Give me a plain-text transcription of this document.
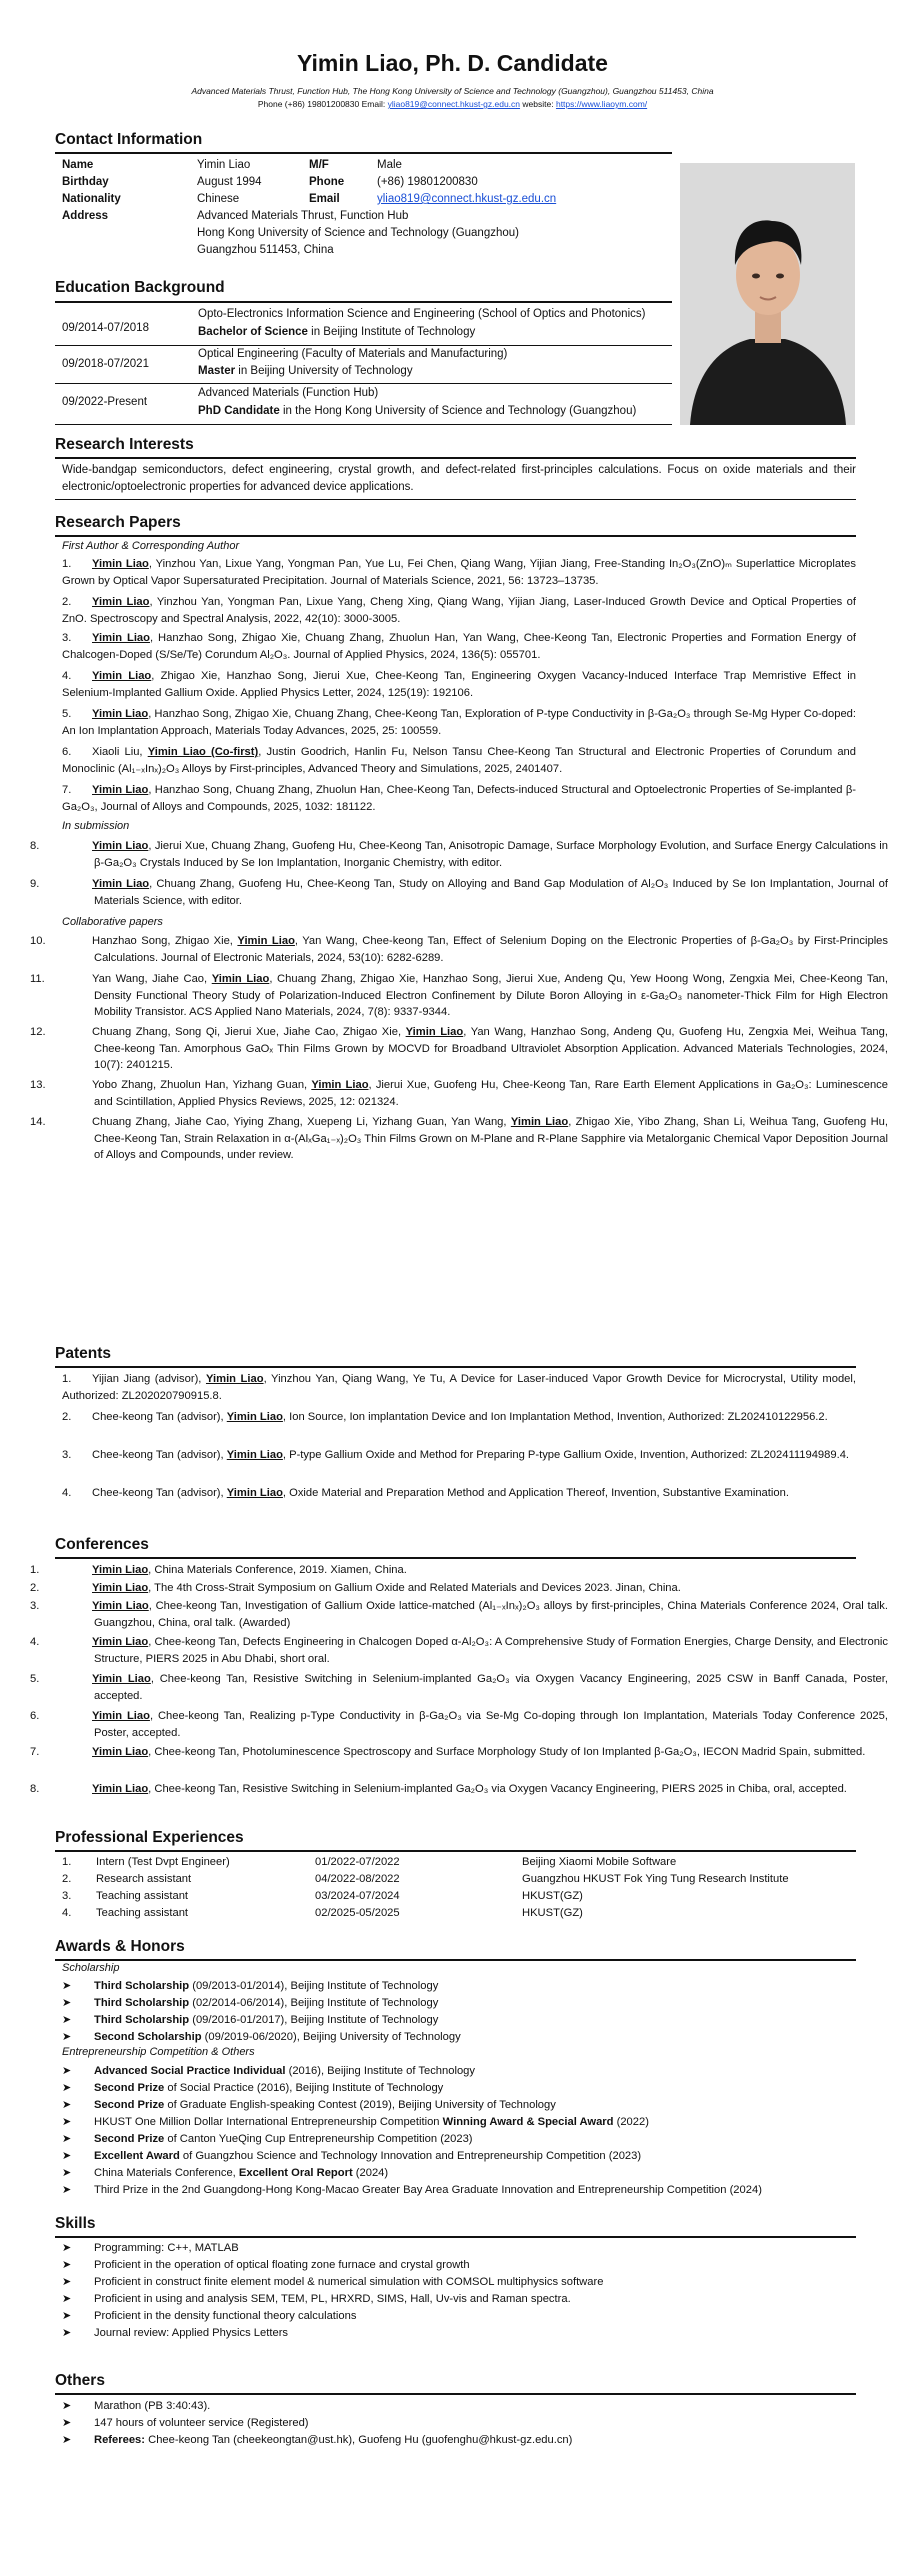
Yimin Liao, Ph. D. Candidate
Advanced Materials Thrust, Function Hub, The Hong Kong University of Science and Technology (Guangzhou), Guangzhou 511453, China
Phone (+86) 19801200830 Email: yliao819@connect.hkust-gz.edu.cn website: https://www.liaoym.com/
Contact Information
Name	Yimin Liao	M/F	Male
Birthday	August 1994	Phone	(+86) 19801200830
Nationality	Chinese	Email	yliao819@connect.hkust-gz.edu.cn
Address	Advanced Materials Thrust, Function Hub
Hong Kong University of Science and Technology (Guangzhou)
Guangzhou 511453, China
Education Background
09/2014-07/2018
Opto-Electronics Information Science and Engineering (School of Optics and Photonics)
Bachelor of Science in Beijing Institute of Technology
09/2018-07/2021
Optical Engineering (Faculty of Materials and Manufacturing)
Master in Beijing University of Technology
09/2022-Present
Advanced Materials (Function Hub)
PhD Candidate in the Hong Kong University of Science and Technology (Guangzhou)
Research Interests
Wide-bandgap semiconductors, defect engineering, crystal growth, and defect-related first-principles calculations. Focus on oxide materials and their electronic/optoelectronic properties for advanced device applications.
Research Papers
First Author & Corresponding Author
1. Yimin Liao, Yinzhou Yan, Lixue Yang, Yongman Pan, Yue Lu, Fei Chen, Qiang Wang, Yijian Jiang, Free-Standing In₂O₃(ZnO)ₘ Superlattice Microplates Grown by Optical Vapor Supersaturated Precipitation. Journal of Materials Science, 2021, 56: 13723–13735.
2. Yimin Liao, Yinzhou Yan, Yongman Pan, Lixue Yang, Cheng Xing, Qiang Wang, Yijian Jiang, Laser-Induced Growth Device and Optical Properties of ZnO. Spectroscopy and Spectral Analysis, 2022, 42(10): 3000-3005.
3. Yimin Liao, Hanzhao Song, Zhigao Xie, Chuang Zhang, Zhuolun Han, Yan Wang, Chee-Keong Tan, Electronic Properties and Formation Energy of Chalcogen-Doped (S/Se/Te) Corundum Al₂O₃. Journal of Applied Physics, 2024, 136(5): 055701.
4. Yimin Liao, Zhigao Xie, Hanzhao Song, Jierui Xue, Chee-Keong Tan, Engineering Oxygen Vacancy-Induced Interface Trap Memristive Effect in Selenium-Implanted Gallium Oxide. Applied Physics Letter, 2024, 125(19): 192106.
5. Yimin Liao, Hanzhao Song, Zhigao Xie, Chuang Zhang, Chee-Keong Tan, Exploration of P-type Conductivity in β-Ga₂O₃ through Se-Mg Hyper Co-doped: An Ion Implantation Approach, Materials Today Advances, 2025, 25: 100559.
6. Xiaoli Liu, Yimin Liao (Co-first), Justin Goodrich, Hanlin Fu, Nelson Tansu Chee-Keong Tan Structural and Electronic Properties of Corundum and Monoclinic (Al₁₋ₓInₓ)₂O₃ Alloys by First-principles, Advanced Theory and Simulations, 2025, 2401407.
7. Yimin Liao, Hanzhao Song, Chuang Zhang, Zhuolun Han, Chee-Keong Tan, Defects-induced Structural and Optoelectronic Properties of Se-implanted β-Ga₂O₃, Journal of Alloys and Compounds, 2025, 1032: 181122.
In submission
8.	Yimin Liao, Jierui Xue, Chuang Zhang, Guofeng Hu, Chee-Keong Tan, Anisotropic Damage, Surface Morphology Evolution, and Surface Energy Calculations in β-Ga₂O₃ Crystals Induced by Se Ion Implantation, Inorganic Chemistry, with editor.
9.	Yimin Liao, Chuang Zhang, Guofeng Hu, Chee-Keong Tan, Study on Alloying and Band Gap Modulation of Al₂O₃ Induced by Se Ion Implantation, Journal of Materials Science, with editor.
Collaborative papers
10.	Hanzhao Song, Zhigao Xie, Yimin Liao, Yan Wang, Chee-keong Tan, Effect of Selenium Doping on the Electronic Properties of β-Ga₂O₃ by First-Principles Calculations. Journal of Electronic Materials, 2024, 53(10): 6282-6289.
11.	Yan Wang, Jiahe Cao, Yimin Liao, Chuang Zhang, Zhigao Xie, Hanzhao Song, Jierui Xue, Andeng Qu, Yew Hoong Wong, Zengxia Mei, Chee-Keong Tan, Density Functional Theory Study of Polarization-Induced Electron Confinement by Dilute Boron Alloying in ε-Ga₂O₃ nanometer-Thick Film for High Electron Mobility Transistor. ACS Applied Nano Materials, 2024, 7(8): 9337-9344.
12.	Chuang Zhang, Song Qi, Jierui Xue, Jiahe Cao, Zhigao Xie, Yimin Liao, Yan Wang, Hanzhao Song, Andeng Qu, Guofeng Hu, Zengxia Mei, Weihua Tang, Chee-keong Tan. Amorphous GaOₓ Thin Films Grown by MOCVD for Broadband Ultraviolet Absorption Application. Advanced Materials Technologies, 2024, 10(7): 2401215.
13.	Yobo Zhang, Zhuolun Han, Yizhang Guan, Yimin Liao, Jierui Xue, Guofeng Hu, Chee-Keong Tan, Rare Earth Element Applications in Ga₂O₃: Luminescence and Scintillation, Applied Physics Reviews, 2025, 12: 021324.
14.	Chuang Zhang, Jiahe Cao, Yiying Zhang, Xuepeng Li, Yizhang Guan, Yan Wang, Yimin Liao, Zhigao Xie, Yibo Zhang, Shan Li, Weihua Tang, Guofeng Hu, Chee-Keong Tan, Strain Relaxation in α-(AlₓGa₁₋ₓ)₂O₃ Thin Films Grown on M-Plane and R-Plane Sapphire via Metalorganic Chemical Vapor Deposition Journal of Alloys and Compounds, under review.
Patents
1. Yijian Jiang (advisor), Yimin Liao, Yinzhou Yan, Qiang Wang, Ye Tu, A Device for Laser-induced Vapor Growth Device for Microcrystal, Utility model, Authorized: ZL202020790915.8.
2. Chee-keong Tan (advisor), Yimin Liao, Ion Source, Ion implantation Device and Ion Implantation Method, Invention, Authorized: ZL202410122956.2.
3. Chee-keong Tan (advisor), Yimin Liao, P-type Gallium Oxide and Method for Preparing P-type Gallium Oxide, Invention, Authorized: ZL202411194989.4.
4. Chee-keong Tan (advisor), Yimin Liao, Oxide Material and Preparation Method and Application Thereof, Invention, Substantive Examination.
Conferences
1.	Yimin Liao, China Materials Conference, 2019. Xiamen, China.
2.	Yimin Liao, The 4th Cross-Strait Symposium on Gallium Oxide and Related Materials and Devices 2023. Jinan, China.
3.	Yimin Liao, Chee-keong Tan, Investigation of Gallium Oxide lattice-matched (Al₁₋ₓInₓ)₂O₃ alloys by first-principles, China Materials Conference 2024, Oral talk. Guangzhou, China, oral talk. (Awarded)
4.	Yimin Liao, Chee-keong Tan, Defects Engineering in Chalcogen Doped α-Al₂O₃: A Comprehensive Study of Formation Energies, Charge Density, and Electronic Structure, PIERS 2025 in Abu Dhabi, short oral.
5.	Yimin Liao, Chee-keong Tan, Resistive Switching in Selenium-implanted Ga₂O₃ via Oxygen Vacancy Engineering, 2025 CSW in Banff Canada, Poster, accepted.
6.	Yimin Liao, Chee-keong Tan, Realizing p-Type Conductivity in β-Ga₂O₃ via Se-Mg Co-doping through Ion Implantation, Materials Today Conference 2025, Poster, accepted.
7.	Yimin Liao, Chee-keong Tan, Photoluminescence Spectroscopy and Surface Morphology Study of Ion Implanted β-Ga₂O₃, IECON Madrid Spain, submitted.
8.	Yimin Liao, Chee-keong Tan, Resistive Switching in Selenium-implanted Ga₂O₃ via Oxygen Vacancy Engineering, PIERS 2025 in Chiba, oral, accepted.
Professional Experiences
1. Intern (Test Dvpt Engineer)	01/2022-07/2022	Beijing Xiaomi Mobile Software
2. Research assistant	04/2022-08/2022	Guangzhou HKUST Fok Ying Tung Research Institute
3. Teaching assistant	03/2024-07/2024	HKUST(GZ)
4. Teaching assistant	02/2025-05/2025	HKUST(GZ)
Awards & Honors
Scholarship
➤ Third Scholarship (09/2013-01/2014), Beijing Institute of Technology
➤ Third Scholarship (02/2014-06/2014), Beijing Institute of Technology
➤ Third Scholarship (09/2016-01/2017), Beijing Institute of Technology
➤ Second Scholarship (09/2019-06/2020), Beijing University of Technology
Entrepreneurship Competition & Others
➤ Advanced Social Practice Individual (2016), Beijing Institute of Technology
➤ Second Prize of Social Practice (2016), Beijing Institute of Technology
➤ Second Prize of Graduate English-speaking Contest (2019), Beijing University of Technology
➤ HKUST One Million Dollar International Entrepreneurship Competition Winning Award & Special Award (2022)
➤ Second Prize of Canton YueQing Cup Entrepreneurship Competition (2023)
➤ Excellent Award of Guangzhou Science and Technology Innovation and Entrepreneurship Competition (2023)
➤ China Materials Conference, Excellent Oral Report (2024)
➤ Third Prize in the 2nd Guangdong-Hong Kong-Macao Greater Bay Area Graduate Innovation and Entrepreneurship Competition (2024)
Skills
➤ Programming: C++, MATLAB
➤ Proficient in the operation of optical floating zone furnace and crystal growth
➤ Proficient in construct finite element model & numerical simulation with COMSOL multiphysics software
➤ Proficient in using and analysis SEM, TEM, PL, HRXRD, SIMS, Hall, Uv-vis and Raman spectra.
➤ Proficient in the density functional theory calculations
➤ Journal review: Applied Physics Letters
Others
➤ Marathon (PB 3:40:43).
➤ 147 hours of volunteer service (Registered)
➤ Referees: Chee-keong Tan (cheekeongtan@ust.hk), Guofeng Hu (guofenghu@hkust-gz.edu.cn)
